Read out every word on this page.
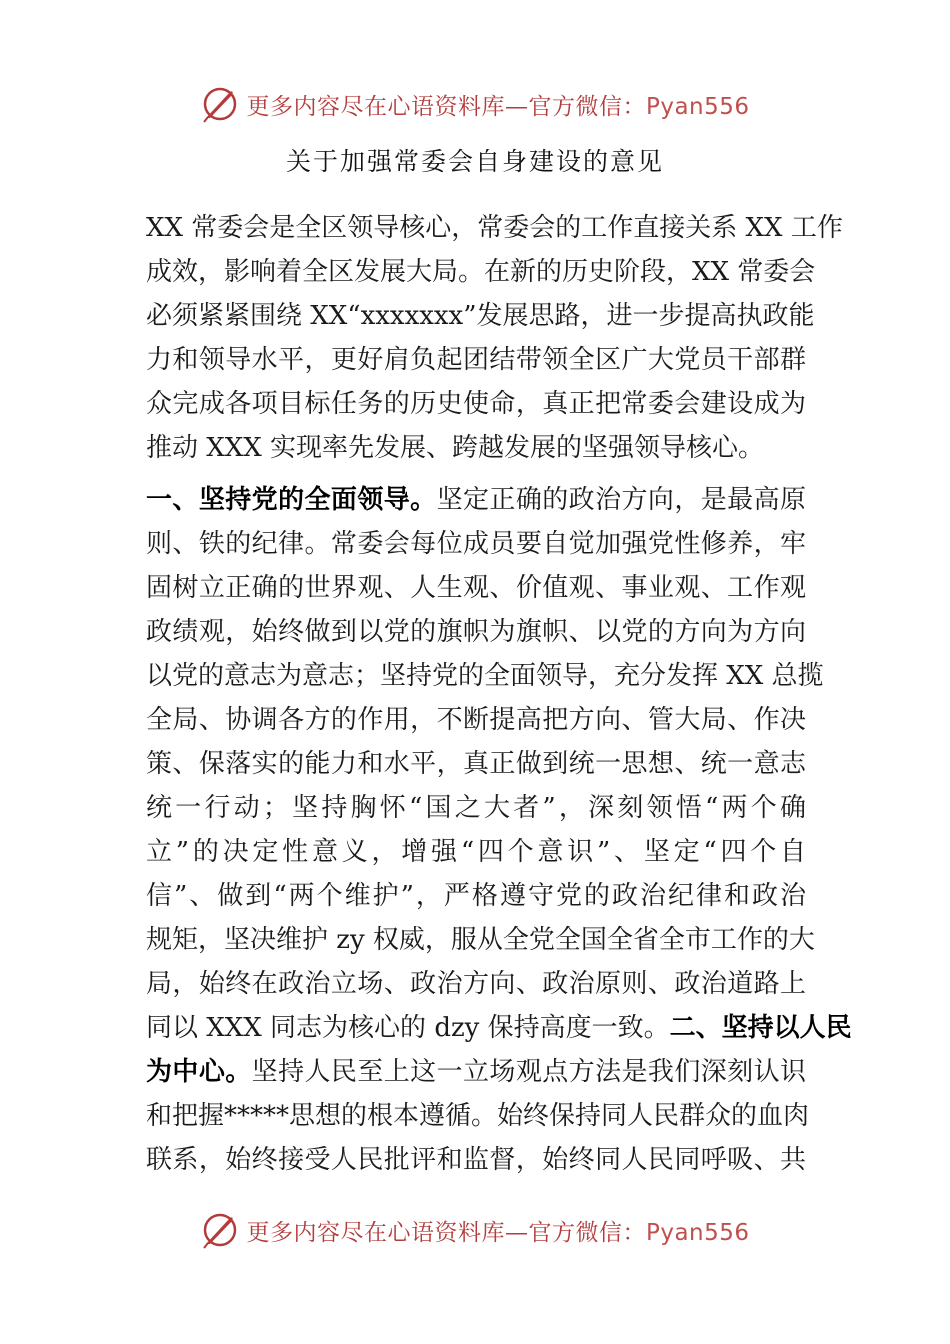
更多内容尽在心语资料库—官方微信：Pyan556
关于加强常委会自身建设的意见
XX 常委会是全区领导核心，常委会的工作直接关系 XX 工作
成效，影响着全区发展大局。在新的历史阶段，XX 常委会
必须紧紧围绕 XX“xxxxxxx”发展思路，进一步提高执政能
力和领导水平，更好肩负起团结带领全区广大党员干部群
众完成各项目标任务的历史使命，真正把常委会建设成为
推动 XXX 实现率先发展、跨越发展的坚强领导核心。
一、坚持党的全面领导。坚定正确的政治方向，是最高原
则、铁的纪律。常委会每位成员要自觉加强党性修养，牢
固树立正确的世界观、人生观、价值观、事业观、工作观
政绩观，始终做到以党的旗帜为旗帜、以党的方向为方向
以党的意志为意志；坚持党的全面领导，充分发挥 XX 总揽
全局、协调各方的作用，不断提高把方向、管大局、作决
策、保落实的能力和水平，真正做到统一思想、统一意志
统一行动；坚持胸怀“国之大者”，深刻领悟“两个确
立”的决定性意义，增强“四个意识”、坚定“四个自
信”、做到“两个维护”，严格遵守党的政治纪律和政治
规矩，坚决维护 zy 权威，服从全党全国全省全市工作的大
局，始终在政治立场、政治方向、政治原则、政治道路上
同以 XXX 同志为核心的 dzy 保持高度一致。二、坚持以人民
为中心。坚持人民至上这一立场观点方法是我们深刻认识
和把握*****思想的根本遵循。始终保持同人民群众的血肉
联系，始终接受人民批评和监督，始终同人民同呼吸、共
更多内容尽在心语资料库—官方微信：Pyan556
